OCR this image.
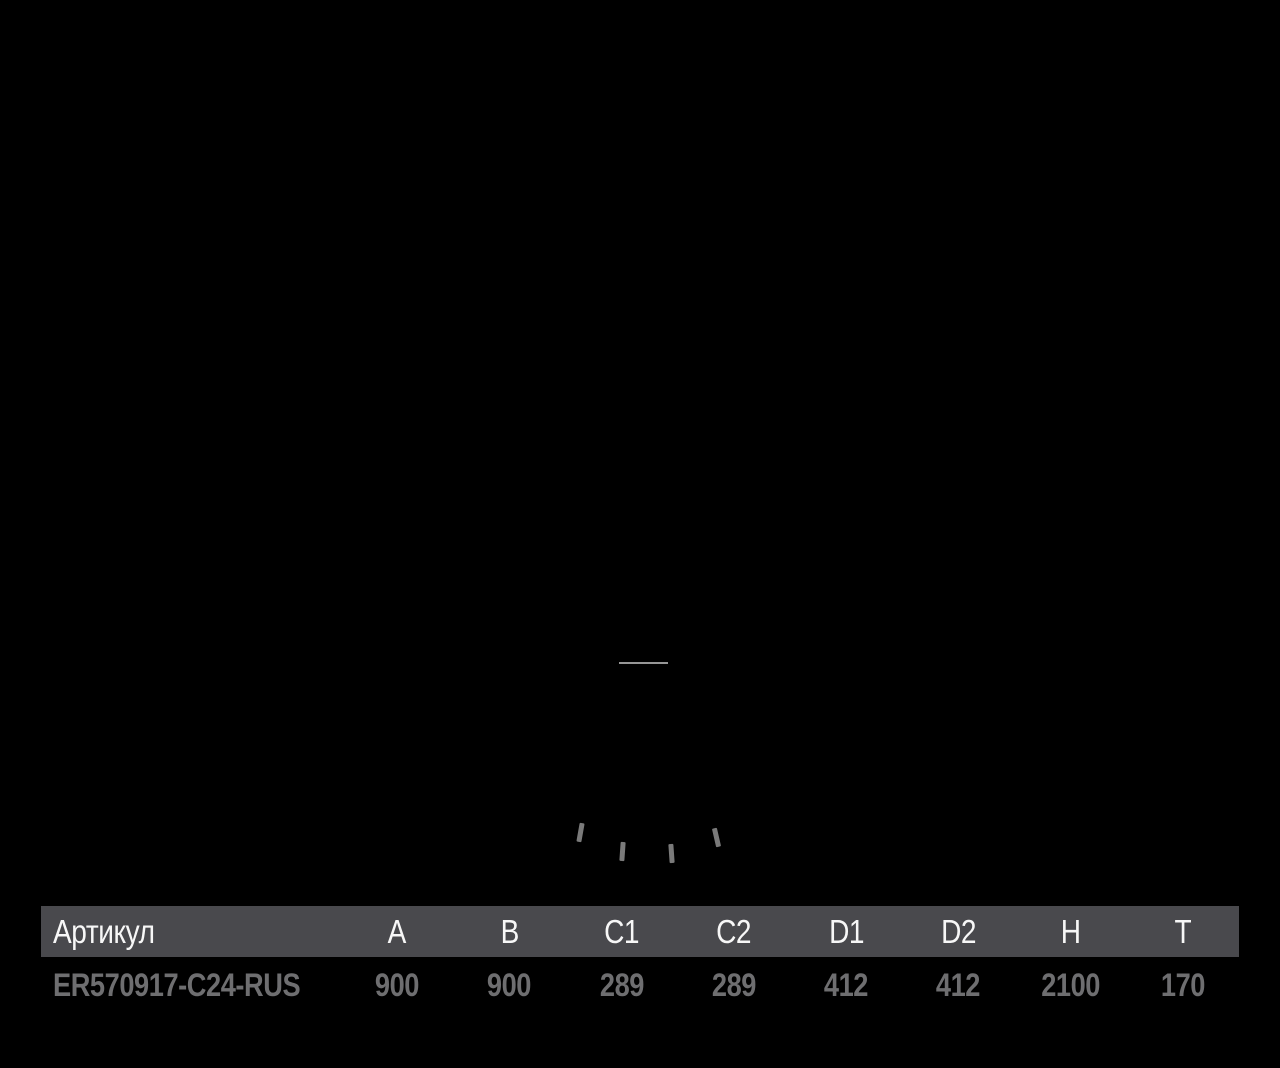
Артикул	A	B	C1	C2	D1	D2	H	T
ER570917-C24-RUS	900	900	289	289	412	412	2100	170
